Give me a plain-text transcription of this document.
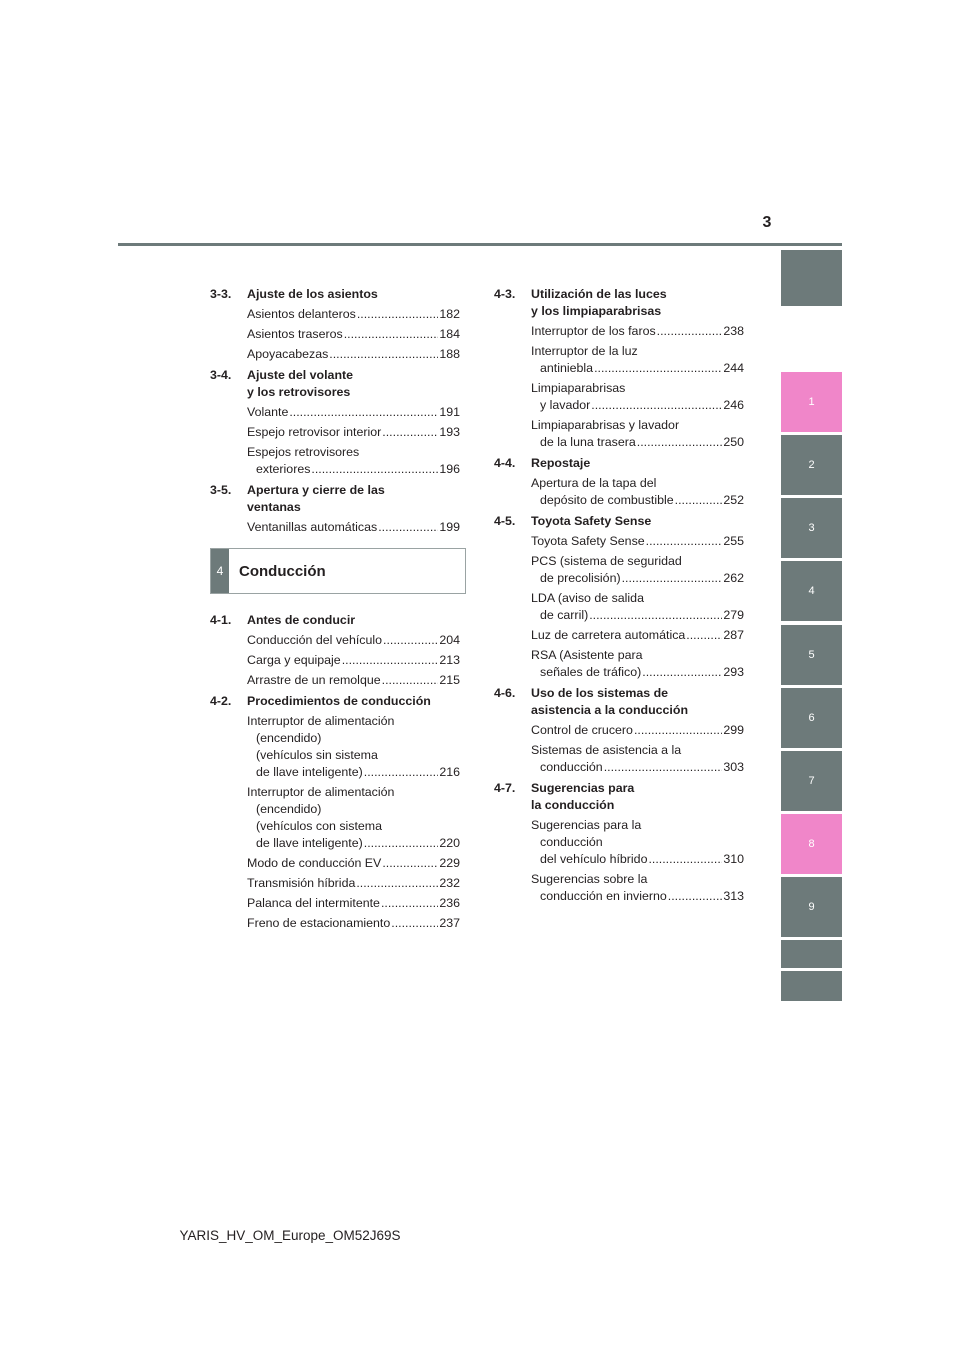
3
1
2
3
4
5
6
7
8
9
3-3.	Ajuste de los asientos
Asientos delanteros .....	182
Asientos traseros .....	184
Apoyacabezas .....	188
3-4.	Ajuste del volante
y los retrovisores
Volante .....	191
Espejo retrovisor interior .....	193
Espejos retrovisores
exteriores .....	196
3-5.	Apertura y cierre de las
ventanas
Ventanillas automáticas .....	199
4	Conducción
4-1.	Antes de conducir
Conducción del vehículo .....	204
Carga y equipaje .....	213
Arrastre de un remolque .....	215
4-2.	Procedimientos de conducción
Interruptor de alimentación
(encendido)
(vehículos sin sistema
de llave inteligente) .....	216
Interruptor de alimentación
(encendido)
(vehículos con sistema
de llave inteligente) .....	220
Modo de conducción EV .....	229
Transmisión híbrida .....	232
Palanca del intermitente .....	236
Freno de estacionamiento .....	237
4-3.	Utilización de las luces
y los limpiaparabrisas
Interruptor de los faros .....	238
Interruptor de la luz
antiniebla .....	244
Limpiaparabrisas
y lavador .....	246
Limpiaparabrisas y lavador
de la luna trasera .....	250
4-4.	Repostaje
Apertura de la tapa del
depósito de combustible .....	252
4-5.	Toyota Safety Sense
Toyota Safety Sense .....	255
PCS (sistema de seguridad
de precolisión) .....	262
LDA (aviso de salida
de carril) .....	279
Luz de carretera automática .....	287
RSA (Asistente para
señales de tráfico) .....	293
4-6.	Uso de los sistemas de
asistencia a la conducción
Control de crucero .....	299
Sistemas de asistencia a la
conducción .....	303
4-7.	Sugerencias para
la conducción
Sugerencias para la
conducción
del vehículo híbrido .....	310
Sugerencias sobre la
conducción en invierno .....	313
YARIS_HV_OM_Europe_OM52J69S
